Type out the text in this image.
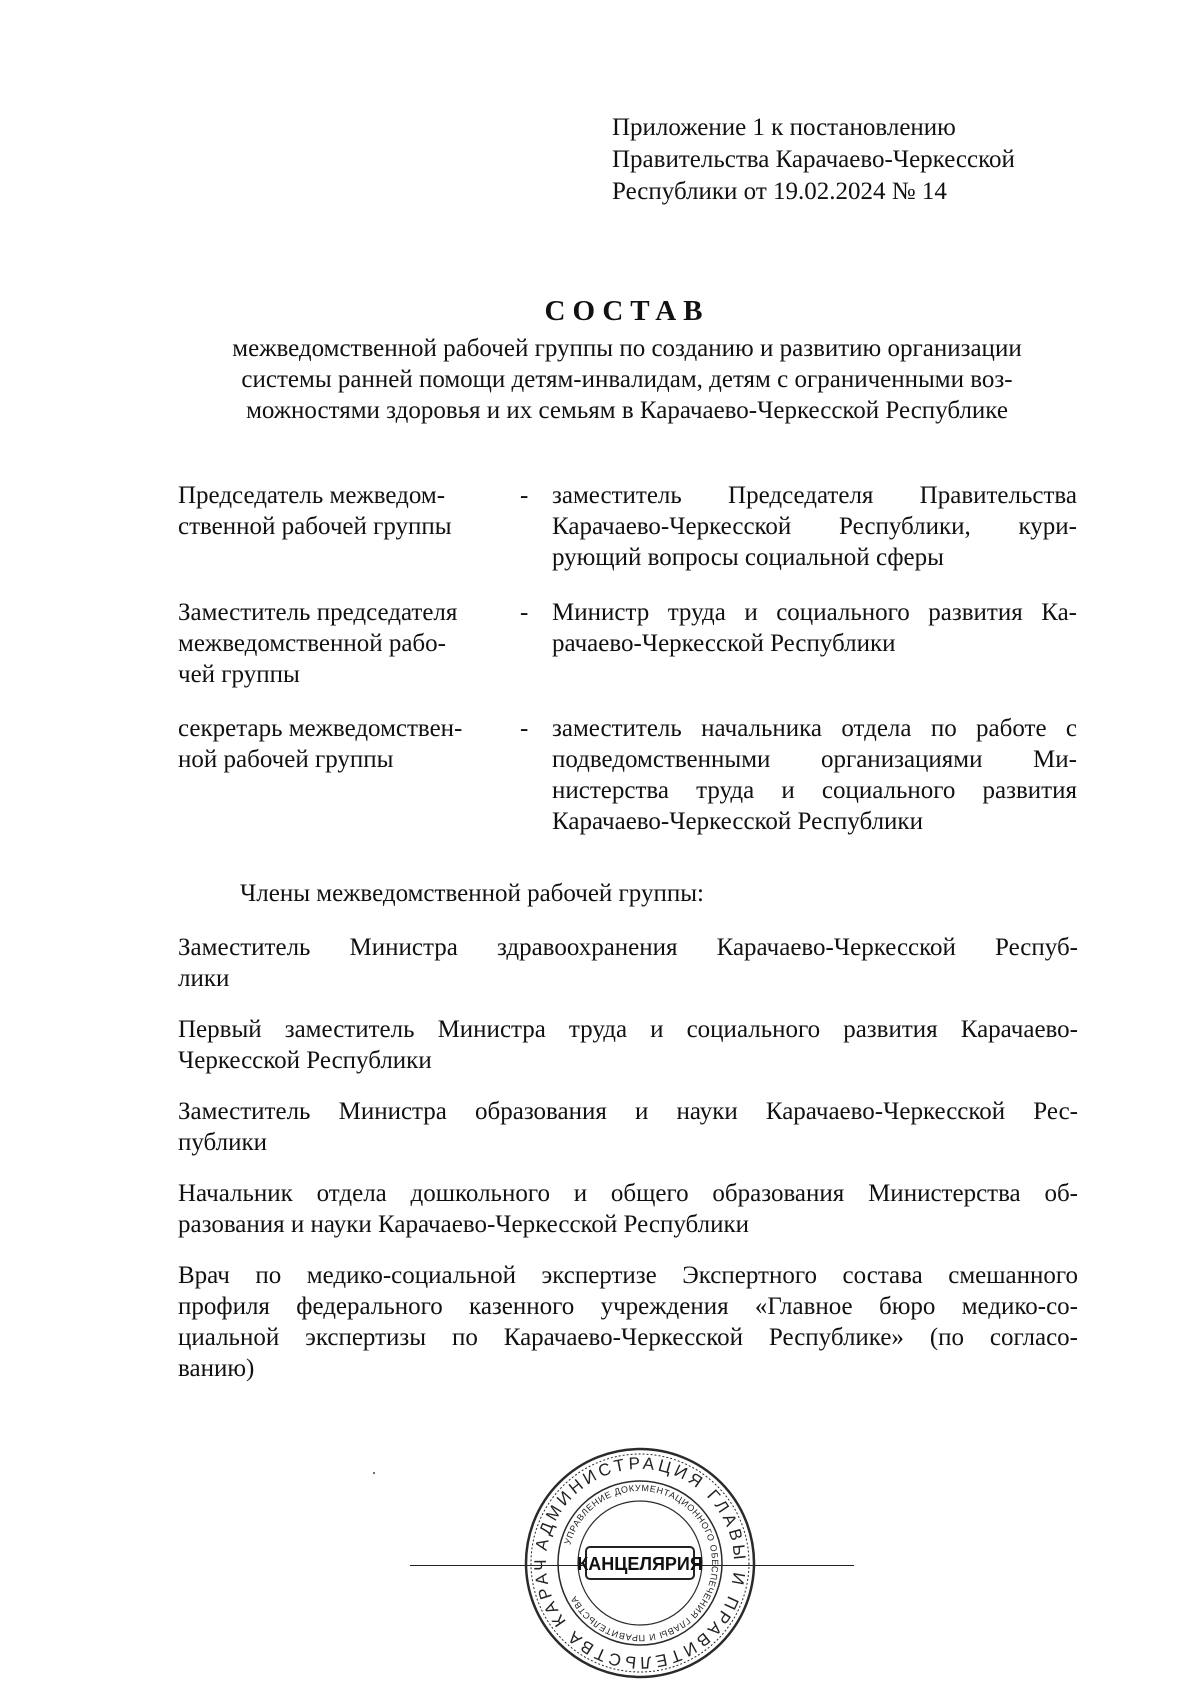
Приложение 1 к постановлению
Правительства Карачаево-Черкесской
Республики от 19.02.2024 № 14
СОСТАВ
межведомственной рабочей группы по созданию и развитию организации
системы ранней помощи детям-инвалидам, детям с ограниченными воз-
можностями здоровья и их семьям в Карачаево-Черкесской Республике
Председатель межведом-
ственной рабочей группы
- заместитель Председателя Правительства
Карачаево-Черкесской Республики, кури-
рующий вопросы социальной сферы
Заместитель председателя
межведомственной рабо-
чей группы
- Министр труда и социального развития Ка-
рачаево-Черкесской Республики
секретарь межведомствен-
ной рабочей группы
- заместитель начальника отдела по работе с
подведомственными организациями Ми-
нистерства труда и социального развития
Карачаево-Черкесской Республики
Члены межведомственной рабочей группы:
Заместитель Министра здравоохранения Карачаево-Черкесской Респуб-
лики
Первый заместитель Министра труда и социального развития Карачаево-
Черкесской Республики
Заместитель Министра образования и науки Карачаево-Черкесской Рес-
публики
Начальник отдела дошкольного и общего образования Министерства об-
разования и науки Карачаево-Черкесской Республики
Врач по медико-социальной экспертизе Экспертного состава смешанного
профиля федерального казенного учреждения «Главное бюро медико-со-
циальной экспертизы по Карачаево-Черкесской Республике» (по согласо-
ванию)
АДМИНИСТРАЦИЯ ГЛАВЫ И ПРАВИТЕЛЬСТВА КАРАЧ
УПРАВЛЕНИЕ ДОКУМЕНТАЦИОННОГО ОБЕСПЕЧЕНИЯ ГЛАВЫ И ПРАВИТЕЛЬСТВА
КАНЦЕЛЯРИЯ
